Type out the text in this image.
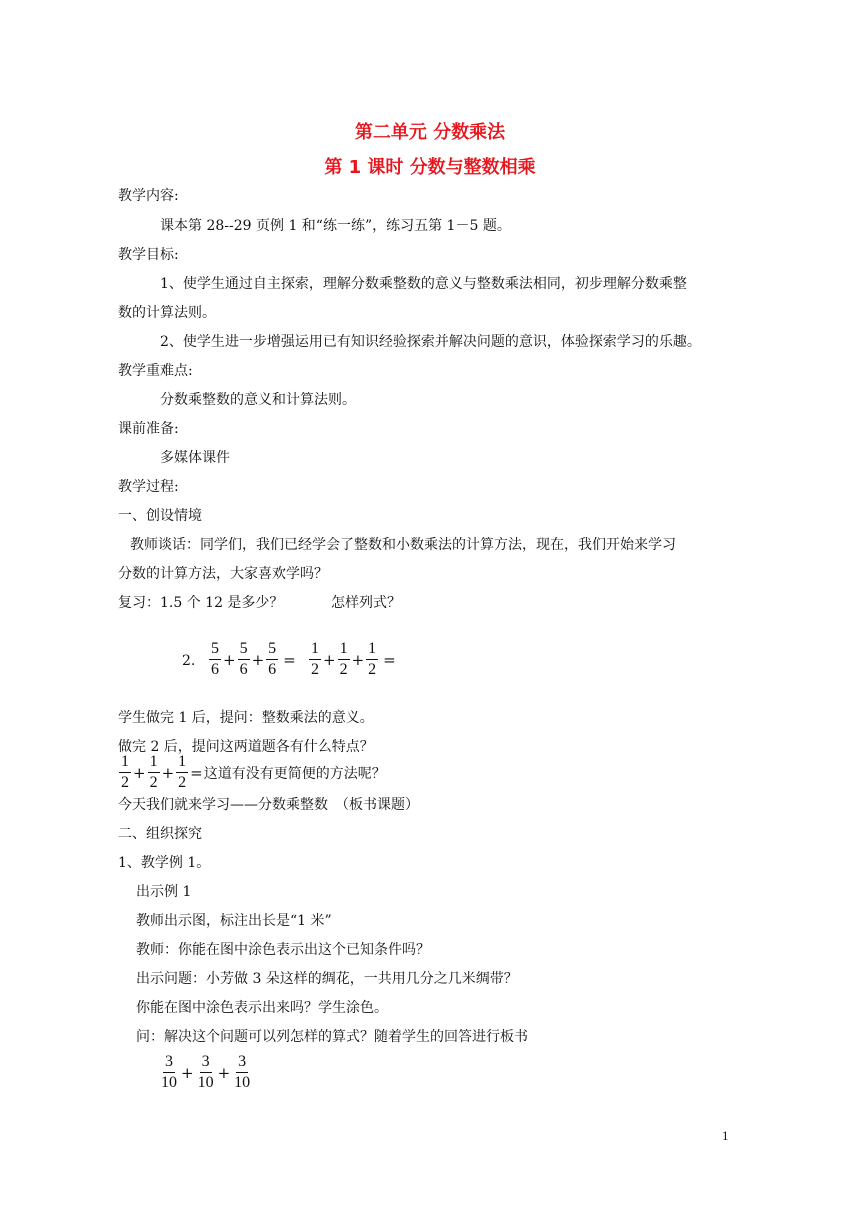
第二单元 分数乘法
第 1 课时 分数与整数相乘
教学内容:
课本第 28--29 页例 1 和“练一练”，练习五第 1－5 题。
教学目标:
1、使学生通过自主探索，理解分数乘整数的意义与整数乘法相同，初步理解分数乘整
数的计算法则。
2、使学生进一步增强运用已有知识经验探索并解决问题的意识，体验探索学习的乐趣。
教学重难点:
分数乘整数的意义和计算法则。
课前准备:
多媒体课件
教学过程:
一、创设情境
教师谈话：同学们，我们已经学会了整数和小数乘法的计算方法，现在，我们开始来学习
分数的计算方法，大家喜欢学吗？
复习：1.5 个 12 是多少？	怎样列式？
2. $\frac{5}{6} + \frac{5}{6} + \frac{5}{6} = \frac{1}{2} + \frac{1}{2} + \frac{1}{2}$ =
学生做完 1 后，提问：整数乘法的意义。
做完 2 后，提问这两道题各有什么特点？
$\frac{1}{2} + \frac{1}{2} + \frac{1}{2}$ = 这道有没有更简便的方法呢？
今天我们就来学习——分数乘整数　（板书课题）
二、组织探究
1、教学例 1。
出示例 1
教师出示图，标注出长是“1 米”
教师：你能在图中涂色表示出这个已知条件吗？
出示问题：小芳做 3 朵这样的绸花，一共用几分之几米绸带？
你能在图中涂色表示出来吗？学生涂色。
问：解决这个问题可以列怎样的算式？随着学生的回答进行板书
$\frac{3}{10} + \frac{3}{10} + \frac{3}{10}$
1
